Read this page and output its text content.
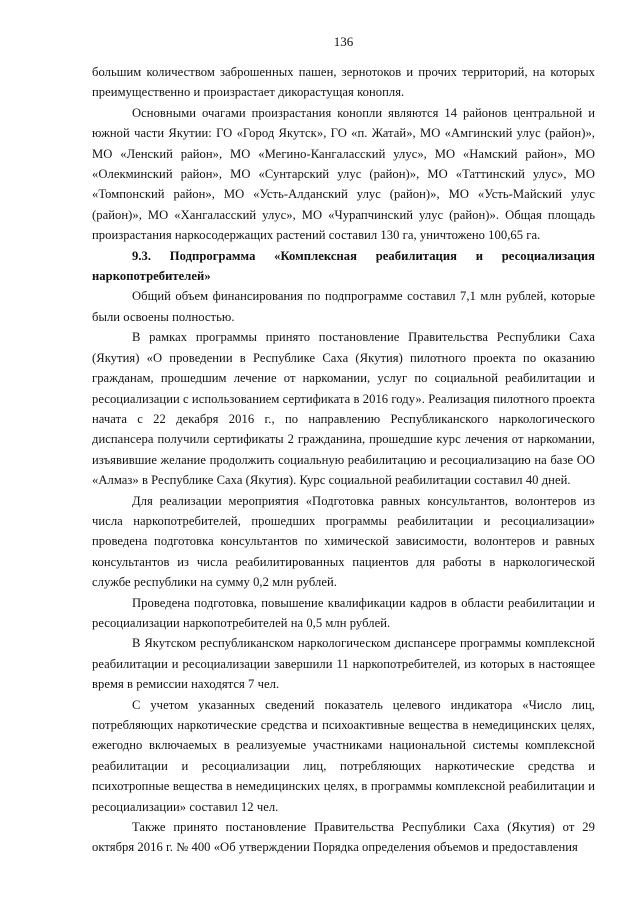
136

большим количеством заброшенных пашен, зернотоков и прочих территорий, на которых преимущественно и произрастает дикорастущая конопля.

Основными очагами произрастания конопли являются 14 районов центральной и южной части Якутии: ГО «Город Якутск», ГО «п. Жатай», МО «Амгинский улус (район)», МО «Ленский район», МО «Мегино-Кангаласский улус», МО «Намский район», МО «Олекминский район», МО «Сунтарский улус (район)», МО «Таттинский улус», МО «Томпонский район», МО «Усть-Алданский улус (район)», МО «Усть-Майский улус (район)», МО «Хангаласский улус», МО «Чурапчинский улус (район)». Общая площадь произрастания наркосодержащих растений составил 130 га, уничтожено 100,65 га.

9.3. Подпрограмма «Комплексная реабилитация и ресоциализация наркопотребителей»

Общий объем финансирования по подпрограмме составил 7,1 млн рублей, которые были освоены полностью.

В рамках программы принято постановление Правительства Республики Саха (Якутия) «О проведении в Республике Саха (Якутия) пилотного проекта по оказанию гражданам, прошедшим лечение от наркомании, услуг по социальной реабилитации и ресоциализации с использованием сертификата в 2016 году». Реализация пилотного проекта начата с 22 декабря 2016 г., по направлению Республиканского наркологического диспансера получили сертификаты 2 гражданина, прошедшие курс лечения от наркомании, изъявившие желание продолжить социальную реабилитацию и ресоциализацию на базе ОО «Алмаз» в Республике Саха (Якутия). Курс социальной реабилитации составил 40 дней.

Для реализации мероприятия «Подготовка равных консультантов, волонтеров из числа наркопотребителей, прошедших программы реабилитации и ресоциализации» проведена подготовка консультантов по химической зависимости, волонтеров и равных консультантов из числа реабилитированных пациентов для работы в наркологической службе республики на сумму 0,2 млн рублей.

Проведена подготовка, повышение квалификации кадров в области реабилитации и ресоциализации наркопотребителей на 0,5 млн рублей.

В Якутском республиканском наркологическом диспансере программы комплексной реабилитации и ресоциализации завершили 11 наркопотребителей, из которых в настоящее время в ремиссии находятся 7 чел.

С учетом указанных сведений показатель целевого индикатора «Число лиц, потребляющих наркотические средства и психоактивные вещества в немедицинских целях, ежегодно включаемых в реализуемые участниками национальной системы комплексной реабилитации и ресоциализации лиц, потребляющих наркотические средства и психотропные вещества в немедицинских целях, в программы комплексной реабилитации и ресоциализации» составил 12 чел.

Также принято постановление Правительства Республики Саха (Якутия) от 29 октября 2016 г. № 400 «Об утверждении Порядка определения объемов и предоставления
